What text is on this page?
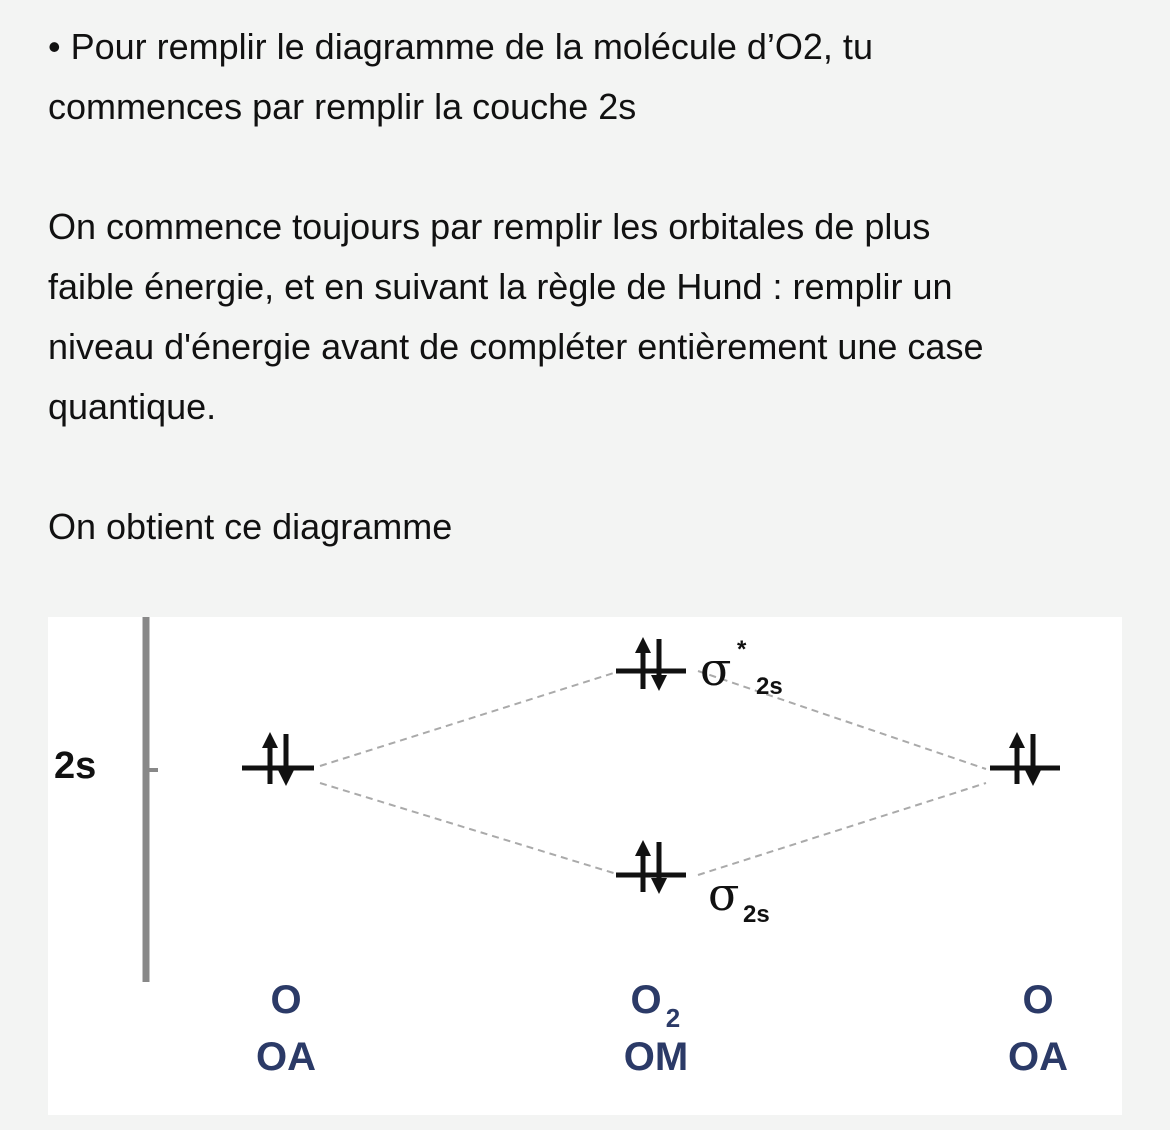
• Pour remplir le diagramme de la molécule d’O2, tu
commences par remplir la couche 2s
On commence toujours par remplir les orbitales de plus
faible énergie, et en suivant la règle de Hund : remplir un
niveau d'énergie avant de compléter entièrement une case
quantique.
On obtient ce diagramme
2s
σ *
2s
σ 2s
O
OA
O 2
OM
O
OA
